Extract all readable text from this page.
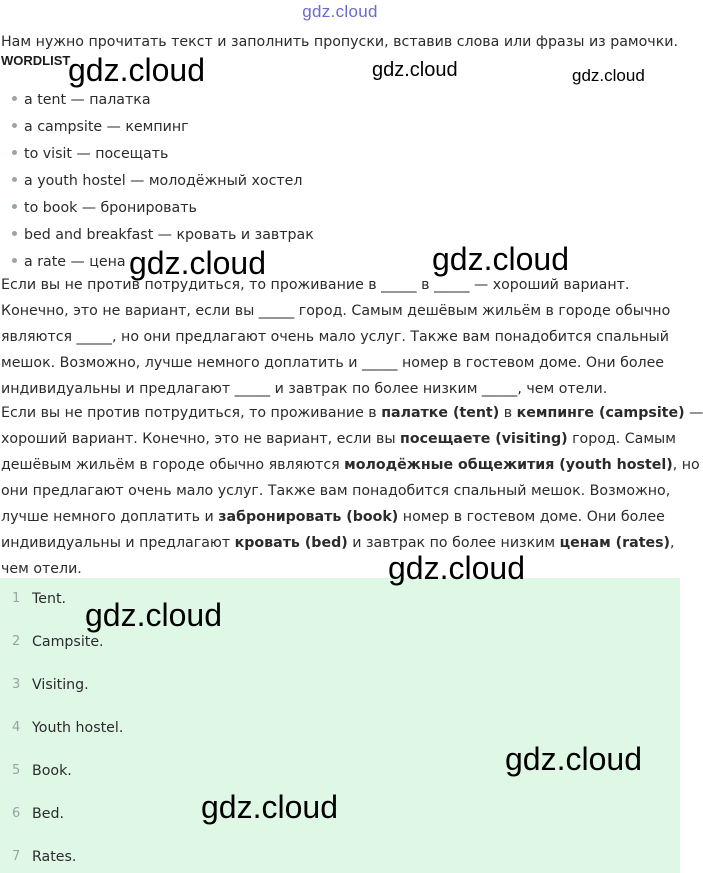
gdz.cloud
Нам нужно прочитать текст и заполнить пропуски, вставив слова или фразы из рамочки.
WORDLIST
a tent — палатка
a campsite — кемпинг
to visit — посещать
a youth hostel — молодёжный хостел
to book — бронировать
bed and breakfast — кровать и завтрак
a rate — цена
Если вы не против потрудиться, то проживание в _____ в _____ — хороший вариант.
Конечно, это не вариант, если вы _____ город. Самым дешёвым жильём в городе обычно
являются _____, но они предлагают очень мало услуг. Также вам понадобится спальный
мешок. Возможно, лучше немного доплатить и _____ номер в гостевом доме. Они более
индивидуальны и предлагают _____ и завтрак по более низким _____, чем отели.
Если вы не против потрудиться, то проживание в палатке (tent) в кемпинге (campsite) —
хороший вариант. Конечно, это не вариант, если вы посещаете (visiting) город. Самым
дешёвым жильём в городе обычно являются молодёжные общежития (youth hostel), но
они предлагают очень мало услуг. Также вам понадобится спальный мешок. Возможно,
лучше немного доплатить и забронировать (book) номер в гостевом доме. Они более
индивидуальны и предлагают кровать (bed) и завтрак по более низким ценам (rates),
чем отели.
1 Tent.
2 Campsite.
3 Visiting.
4 Youth hostel.
5 Book.
6 Bed.
7 Rates.
gdz.cloud	gdz.cloud	gdz.cloud
gdz.cloud	gdz.cloud
gdz.cloud
gdz.cloud
gdz.cloud
gdz.cloud
